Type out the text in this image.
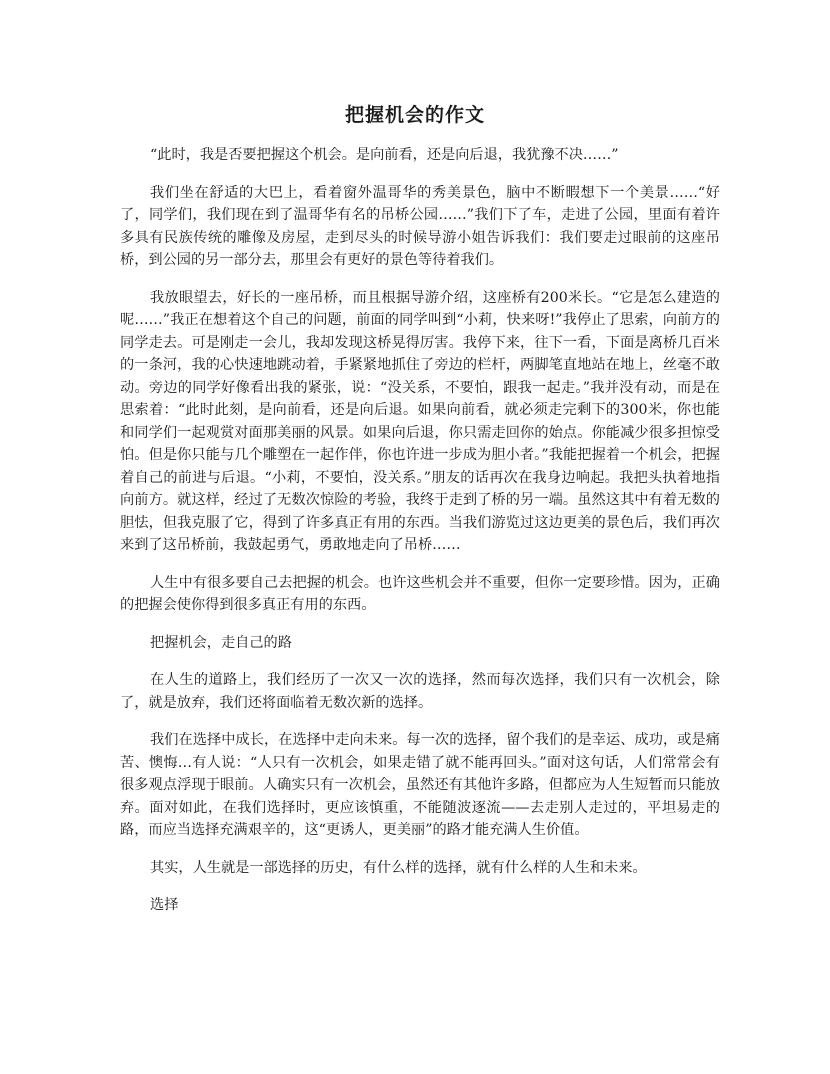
把握机会的作文

“此时，我是否要把握这个机会。是向前看，还是向后退，我犹豫不决……”

我们坐在舒适的大巴上，看着窗外温哥华的秀美景色，脑中不断暇想下一个美景……“好了，同学们，我们现在到了温哥华有名的吊桥公园……”我们下了车，走进了公园，里面有着许多具有民族传统的雕像及房屋，走到尽头的时候导游小姐告诉我们：我们要走过眼前的这座吊桥，到公园的另一部分去，那里会有更好的景色等待着我们。

我放眼望去，好长的一座吊桥，而且根据导游介绍，这座桥有200米长。“它是怎么建造的呢……”我正在想着这个自己的问题，前面的同学叫到“小莉，快来呀!”我停止了思索，向前方的同学走去。可是刚走一会儿，我却发现这桥晃得厉害。我停下来，往下一看，下面是离桥几百米的一条河，我的心快速地跳动着，手紧紧地抓住了旁边的栏杆，两脚笔直地站在地上，丝毫不敢动。旁边的同学好像看出我的紧张，说：“没关系，不要怕，跟我一起走。”我并没有动，而是在思索着：“此时此刻，是向前看，还是向后退。如果向前看，就必须走完剩下的300米，你也能和同学们一起观赏对面那美丽的风景。如果向后退，你只需走回你的始点。你能减少很多担惊受怕。但是你只能与几个雕塑在一起作伴，你也许进一步成为胆小者。”我能把握着一个机会，把握着自己的前进与后退。“小莉，不要怕，没关系。”朋友的话再次在我身边响起。我把头执着地指向前方。就这样，经过了无数次惊险的考验，我终于走到了桥的另一端。虽然这其中有着无数的胆怯，但我克服了它，得到了许多真正有用的东西。当我们游览过这边更美的景色后，我们再次来到了这吊桥前，我鼓起勇气，勇敢地走向了吊桥……

人生中有很多要自己去把握的机会。也许这些机会并不重要，但你一定要珍惜。因为，正确的把握会使你得到很多真正有用的东西。

把握机会，走自己的路

在人生的道路上，我们经历了一次又一次的选择，然而每次选择，我们只有一次机会，除了，就是放弃，我们还将面临着无数次新的选择。

我们在选择中成长，在选择中走向未来。每一次的选择，留个我们的是幸运、成功，或是痛苦、懊悔…有人说：“人只有一次机会，如果走错了就不能再回头。”面对这句话，人们常常会有很多观点浮现于眼前。人确实只有一次机会，虽然还有其他许多路，但都应为人生短暂而只能放弃。面对如此，在我们选择时，更应该慎重，不能随波逐流——去走别人走过的，平坦易走的路，而应当选择充满艰辛的，这“更诱人，更美丽”的路才能充满人生价值。

其实，人生就是一部选择的历史，有什么样的选择，就有什么样的人生和未来。

选择
